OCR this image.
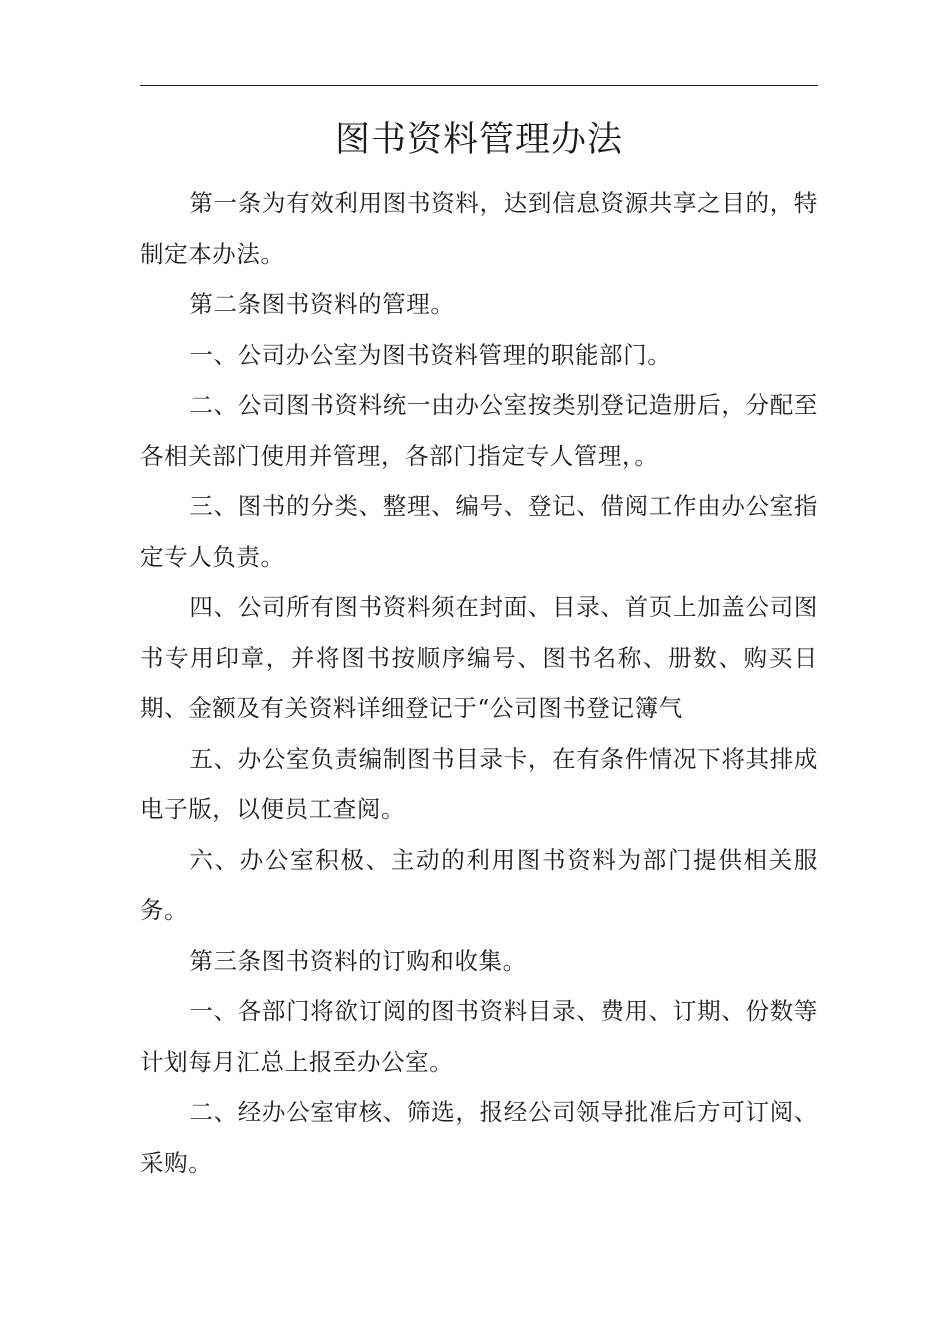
图书资料管理办法

第一条为有效利用图书资料，达到信息资源共享之目的，特制定本办法。

第二条图书资料的管理。

一、公司办公室为图书资料管理的职能部门。

二、公司图书资料统一由办公室按类别登记造册后，分配至各相关部门使用并管理，各部门指定专人管理，。

三、图书的分类、整理、编号、登记、借阅工作由办公室指定专人负责。

四、公司所有图书资料须在封面、目录、首页上加盖公司图书专用印章，并将图书按顺序编号、图书名称、册数、购买日期、金额及有关资料详细登记于“公司图书登记簿气

五、办公室负责编制图书目录卡，在有条件情况下将其排成电子版，以便员工查阅。

六、办公室积极、主动的利用图书资料为部门提供相关服务。

第三条图书资料的订购和收集。

一、各部门将欲订阅的图书资料目录、费用、订期、份数等计划每月汇总上报至办公室。

二、经办公室审核、筛选，报经公司领导批准后方可订阅、采购。
